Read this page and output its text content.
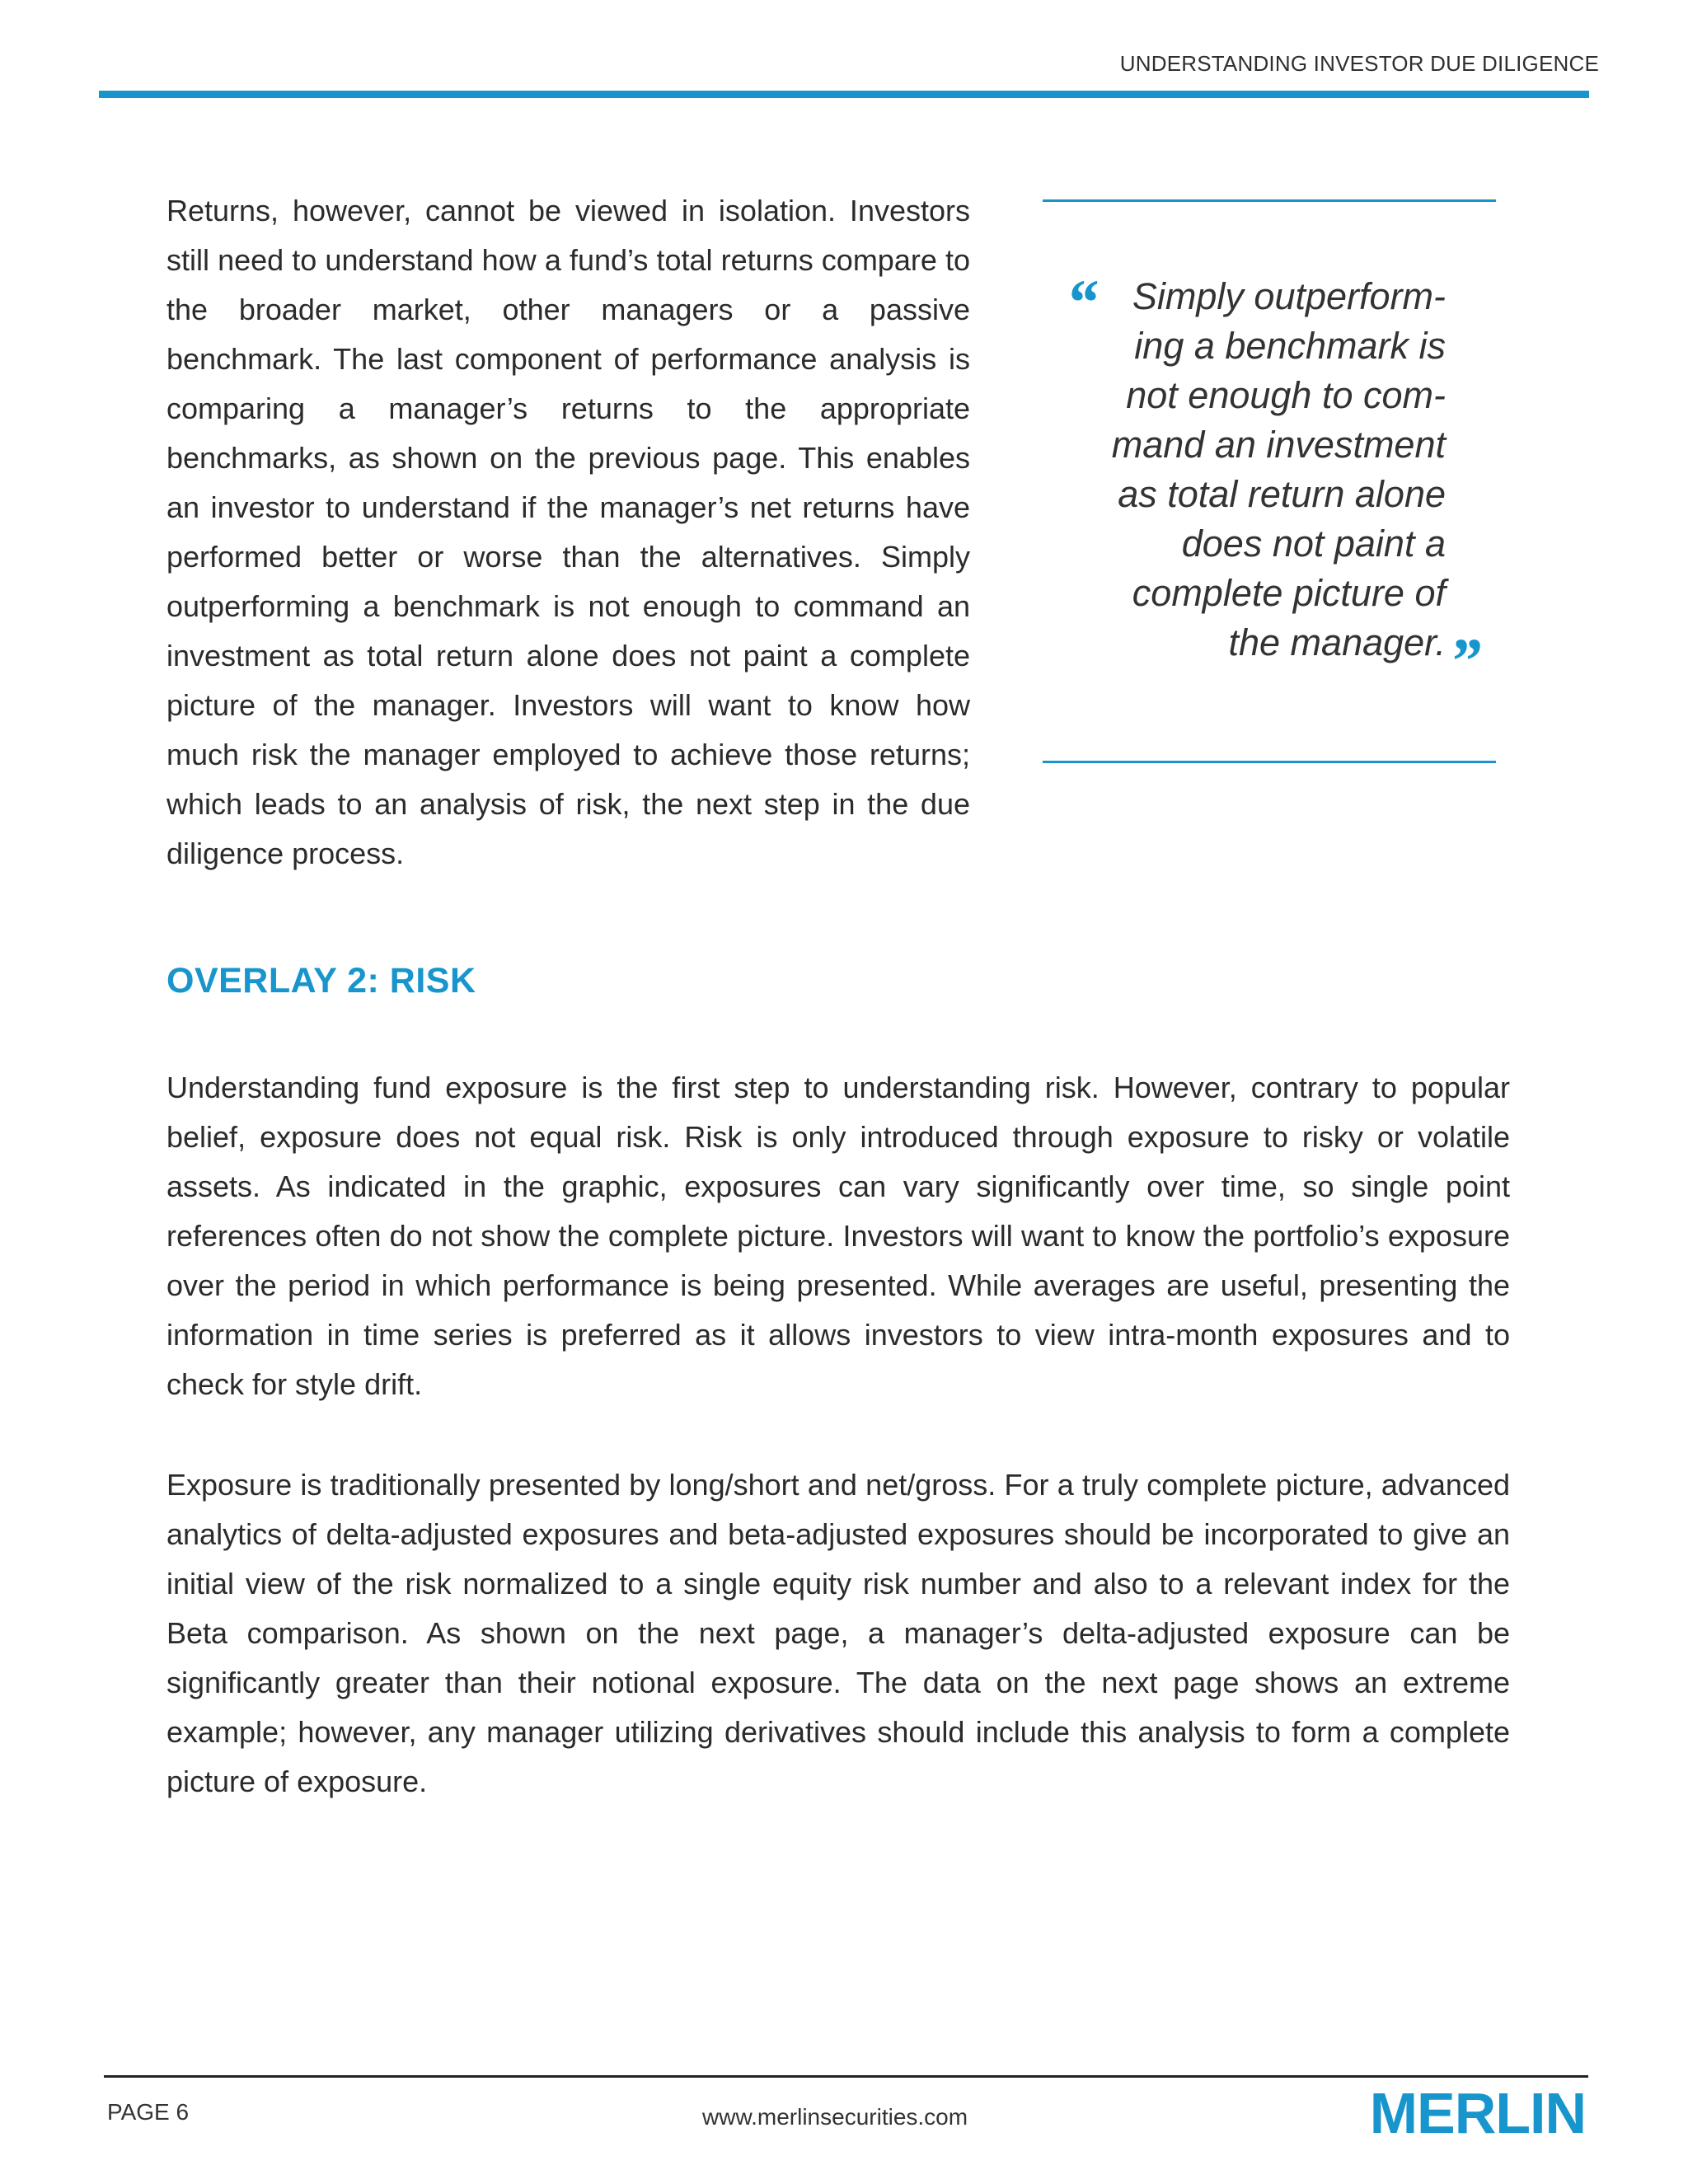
UNDERSTANDING INVESTOR DUE DILIGENCE

Returns, however, cannot be viewed in isolation. Investors still need to understand how a fund’s total returns compare to the broader market, other managers or a passive benchmark. The last component of performance analysis is comparing a manager’s returns to the appropriate benchmarks, as shown on the previous page. This enables an investor to understand if the manager’s net returns have performed better or worse than the alternatives. Simply outperforming a benchmark is not enough to command an investment as total return alone does not paint a complete picture of the manager. Investors will want to know how much risk the manager employed to achieve those returns; which leads to an analysis of risk, the next step in the due diligence process.

“ Simply outperform-
ing a benchmark is
not enough to com-
mand an investment
as total return alone
does not paint a
complete picture of
the manager. ”
OVERLAY 2: RISK

Understanding fund exposure is the first step to understanding risk. However, contrary to popular belief, exposure does not equal risk. Risk is only introduced through exposure to risky or volatile assets. As indicated in the graphic, exposures can vary significantly over time, so single point references often do not show the complete picture. Investors will want to know the portfolio’s exposure over the period in which performance is being presented. While averages are useful, presenting the information in time series is preferred as it allows investors to view intra-month exposures and to check for style drift.

Exposure is traditionally presented by long/short and net/gross. For a truly complete picture, advanced analytics of delta-adjusted exposures and beta-adjusted exposures should be incorporated to give an initial view of the risk normalized to a single equity risk number and also to a relevant index for the Beta comparison. As shown on the next page, a manager’s delta-adjusted exposure can be significantly greater than their notional exposure. The data on the next page shows an extreme example; however, any manager utilizing derivatives should include this analysis to form a complete picture of exposure.

PAGE 6	www.merlinsecurities.com	MERLIN
